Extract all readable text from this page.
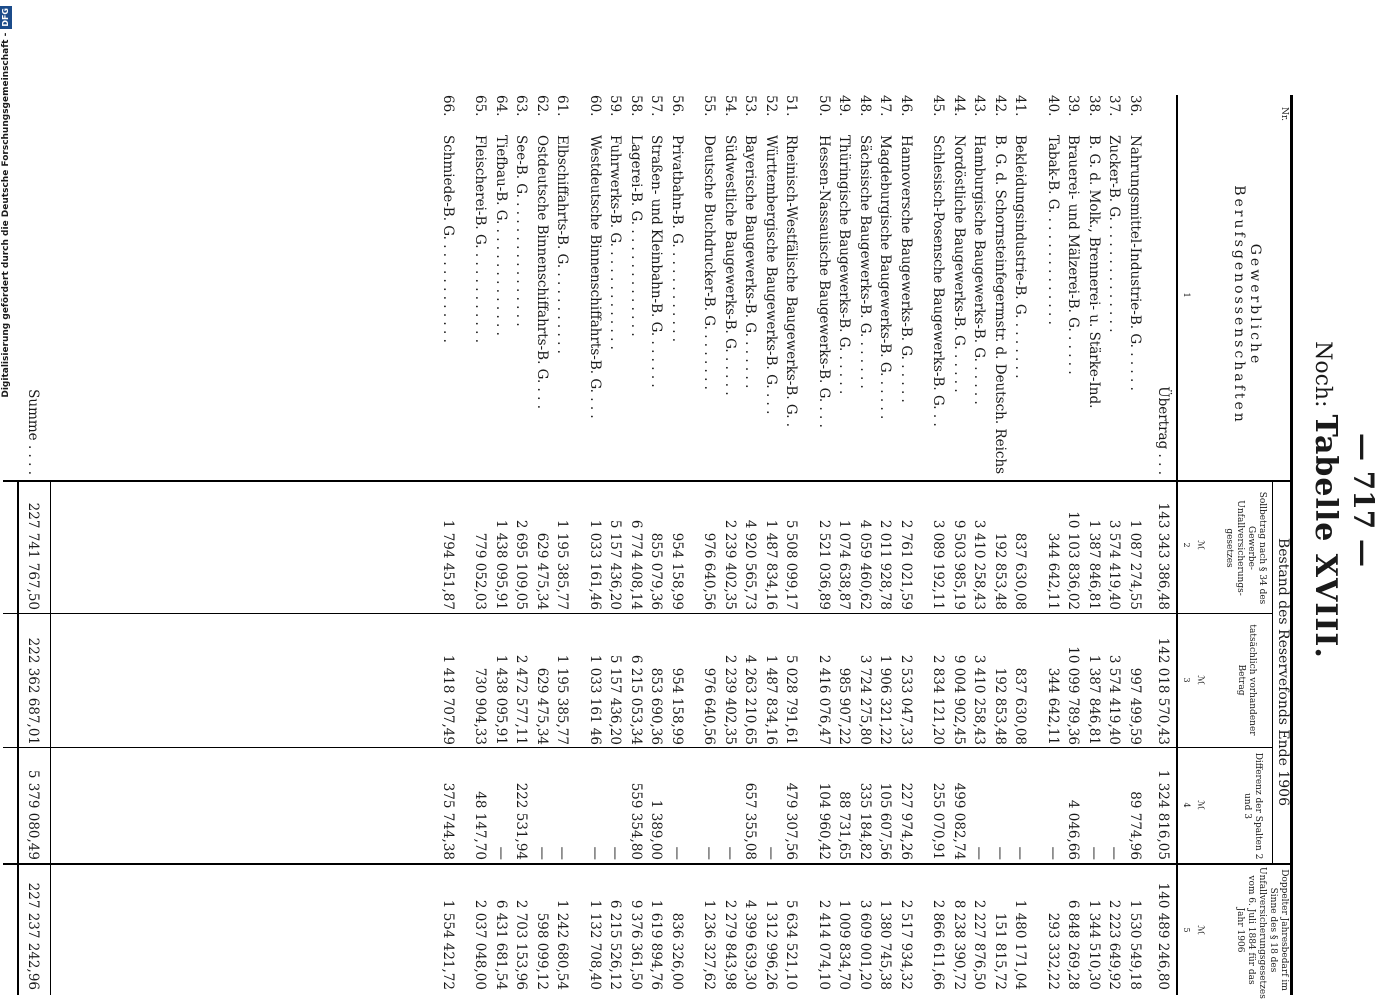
Digitalisierung gefördert durch die Deutsche Forschungsgemeinschaft -DFG
— 717 —
Noch: Tabelle XVIII.
Nr.
Gewerbliche Berufsgenossenschaften
Bestand des Reservefonds Ende 1906
Sollbetrag nach § 34 des Gewerbe-Unfallversicherungs-gesetzes
tatsächlich vorhandener Betrag
Differenz der Spalten 2 und 3
Doppelter Jahresbedarf im Sinne des § 18 des Unfallversicherungsgesetzes vom 6. Juli 1884 für das Jahr 1906
ℳ
ℳ
ℳ
ℳ
1
2
3
4
5
Übertrag . . .
143 343 386,48
142 018 570,43
1 324 816,05
140 489 246,80
36.
Nahrungsmittel-Industrie-B. G. . . . . .
1 087 274,55
997 499,59
89 774,96
1 530 549,18
37.
Zucker-B. G. . . . . . . . . . . . . .
3 574 419,40
3 574 419,40
—
2 223 649,92
38.
B. G. d. Molk., Brennerei- u. Stärke-Ind.
1 387 846,81
1 387 846,81
—
1 344 510,30
39.
Brauerei- und Mälzerei-B. G. . . . . .
10 103 836,02
10 099 789,36
4 046,66
6 848 269,28
40.
Tabak-B. G. . . . . . . . . . . . . .
344 642,11
344 642,11
—
293 332,22
41.
Bekleidungsindustrie-B. G. . . . . . . .
837 630,08
837 630,08
—
1 480 171,04
42.
B. G. d. Schornsteinfegermstr. d. Deutsch. Reichs
192 853,48
192 853,48
—
151 815,72
43.
Hamburgische Baugewerks-B. G. . . . . .
3 410 258,43
3 410 258,43
—
2 227 876,50
44.
Nordöstliche Baugewerks-B. G. . . . . .
9 503 985,19
9 004 902,45
499 082,74
8 238 390,72
45.
Schlesisch-Posensche Baugewerks-B. G. . .
3 089 192,11
2 834 121,20
255 070,91
2 866 611,66
46.
Hannoversche Baugewerks-B. G. . . . . .
2 761 021,59
2 533 047,33
227 974,26
2 517 934,32
47.
Magdeburgische Baugewerks-B. G. . . . . .
2 011 928,78
1 906 321,22
105 607,56
1 380 745,38
48.
Sächsische Baugewerks-B. G. . . . . . .
4 059 460,62
3 724 275,80
335 184,82
3 609 001,20
49.
Thüringische Baugewerks-B. G. . . . . .
1 074 638,87
985 907,22
88 731,65
1 009 834,70
50.
Hessen-Nassauische Baugewerks-B. G. . . .
2 521 036,89
2 416 076,47
104 960,42
2 414 074,10
51.
Rheinisch-Westfälische Baugewerks-B. G. .
5 508 099,17
5 028 791,61
479 307,56
5 634 521,10
52.
Württembergische Baugewerks-B. G. . . .
1 487 834,16
1 487 834,16
—
1 312 996,26
53.
Bayerische Baugewerks-B. G. . . . . . .
4 920 565,73
4 263 210,65
657 355,08
4 399 639,30
54.
Südwestliche Baugewerks-B. G. . . . . .
2 239 402,35
2 239 402,35
—
2 279 843,98
55.
Deutsche Buchdrucker-B. G. . . . . . . .
976 640,56
976 640,56
—
1 236 327,62
56.
Privatbahn-B. G. . . . . . . . . . . .
954 158,99
954 158,99
—
836 326,00
57.
Straßen- und Kleinbahn-B. G. . . . . . .
855 079,36
853 690,36
1 389,00
1 619 894,76
58.
Lagerei-B. G. . . . . . . . . . . . . .
6 774 408,14
6 215 053,34
559 354,80
9 376 361,50
59.
Fuhrwerks-B. G. . . . . . . . . . . . .
5 157 436,20
5 157 436,20
—
6 215 526,12
60.
Westdeutsche Binnenschiffahrts-B. G. . . .
1 033 161,46
1 033 161 46
—
1 132 708,40
61.
Elbschiffahrts-B. G. . . . . . . . . . .
1 195 385,77
1 195 385,77
—
1 242 680,54
62.
Ostdeutsche Binnenschiffahrts-B. G. . . .
629 475,34
629 475,34
—
598 099,12
63.
See-B. G. . . . . . . . . . . . . . . .
2 695 109,05
2 472 577,11
222 531,94
2 703 153,96
64.
Tiefbau-B. G. . . . . . . . . . . . . .
1 438 095,91
1 438 095,91
—
6 431 681,54
65.
Fleischerei-B. G. . . . . . . . . . . .
779 052,03
730 904,33
48 147,70
2 037 048,00
66.
Schmiede-B. G. . . . . . . . . . . . .
1 794 451,87
1 418 707,49
375 744,38
1 554 421,72
Summe . . . .
227 741 767,50
222 362 687,01
5 379 080,49
227 237 242,96
